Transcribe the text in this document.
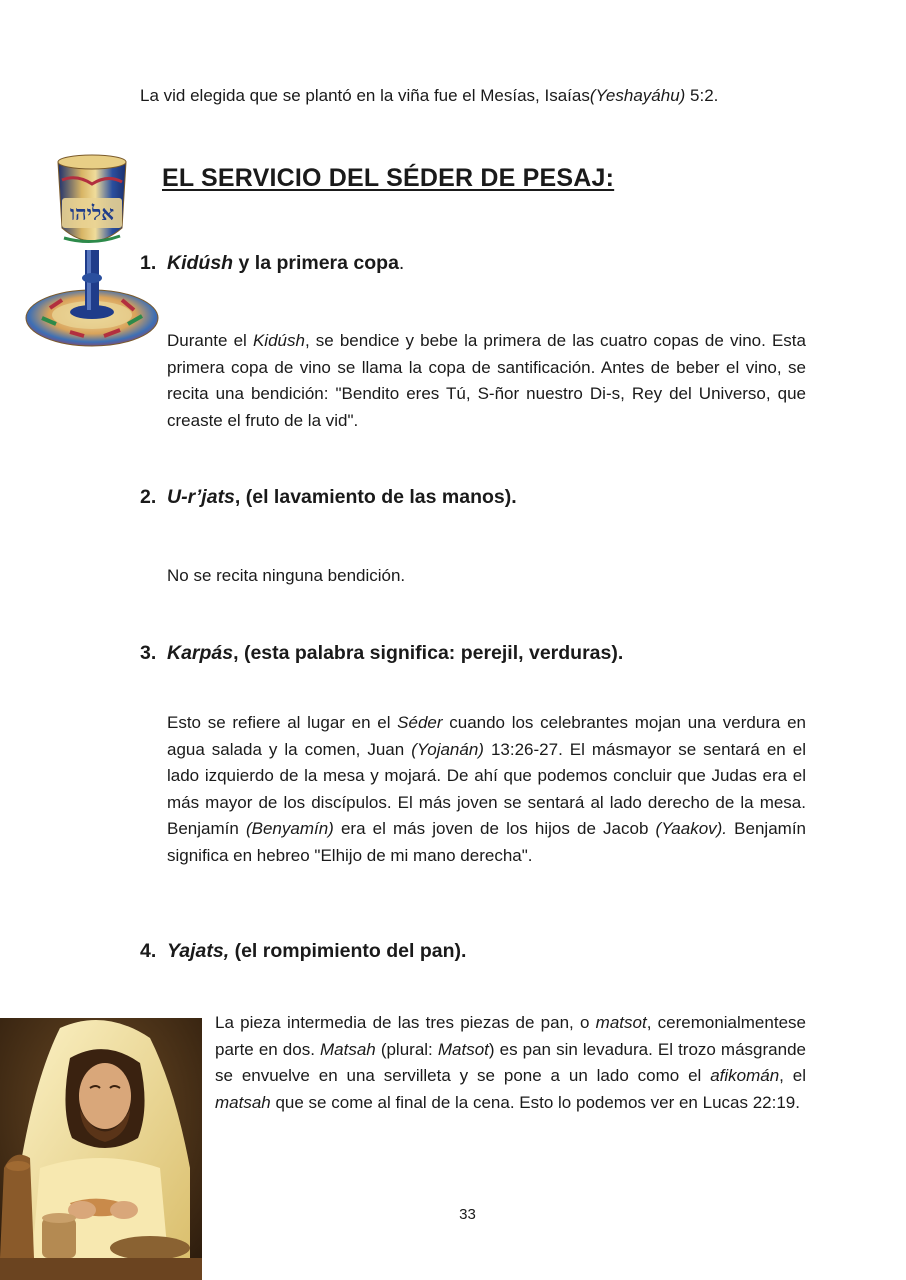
La vid elegida que se plantó en la viña fue el Mesías, Isaías(Yeshayáhu) 5:2.
אליהו
EL SERVICIO DEL SÉDER DE PESAJ:
1. Kidúsh y la primera copa.
Durante el Kidúsh, se bendice y bebe la primera de las cuatro copas de vino. Esta primera copa de vino se llama la copa de santificación. Antes de beber el vino, se recita una bendición: "Bendito eres Tú, S-ñor nuestro Di-s, Rey del Universo, que creaste el fruto de la vid".
2. U-r’jats, (el lavamiento de las manos).
No se recita ninguna bendición.
3. Karpás, (esta palabra significa: perejil, verduras).
Esto se refiere al lugar en el Séder cuando los celebrantes mojan una verdura en agua salada y la comen, Juan (Yojanán) 13:26-27. El másmayor se sentará en el lado izquierdo de la mesa y mojará. De ahí que podemos concluir que Judas era el más mayor de los discípulos. El más joven se sentará al lado derecho de la mesa. Benjamín (Benyamín) era el más joven de los hijos de Jacob (Yaakov). Benjamín significa en hebreo "Elhijo de mi mano derecha".
4. Yajats, (el rompimiento del pan).
La pieza intermedia de las tres piezas de pan, o matsot, ceremonialmentese parte en dos. Matsah (plural: Matsot) es pan sin levadura. El trozo másgrande se envuelve en una servilleta y se pone a un lado como el afikomán, el matsah que se come al final de la cena. Esto lo podemos ver en Lucas 22:19.
33
